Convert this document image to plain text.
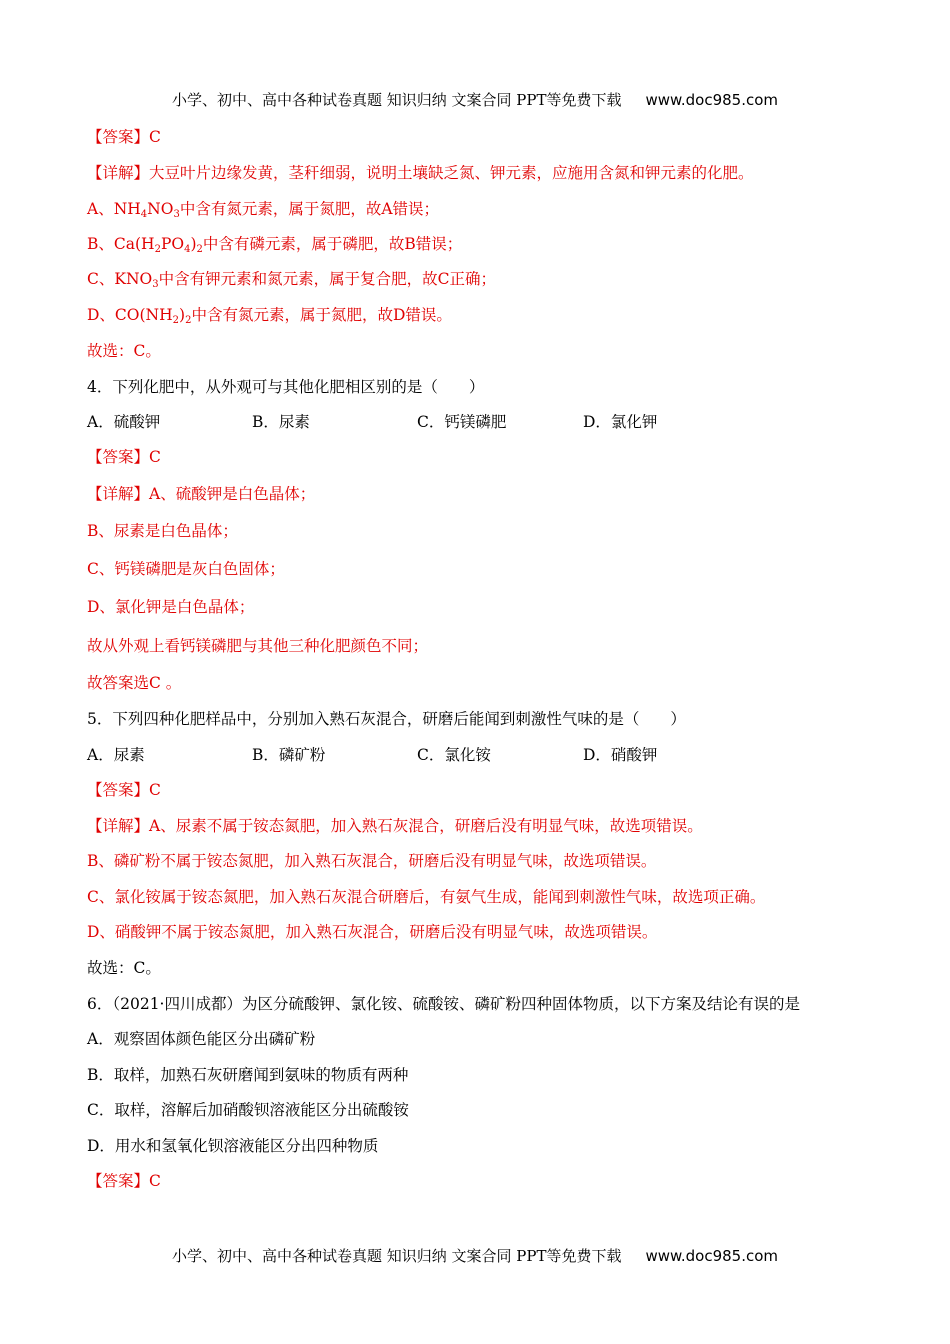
小学、初中、高中各种试卷真题 知识归纳 文案合同 PPT等免费下载 www.doc985.com
【答案】C
【详解】大豆叶片边缘发黄，茎秆细弱，说明土壤缺乏氮、钾元素，应施用含氮和钾元素的化肥。
A、$NH_4NO_3$中含有氮元素，属于氮肥，故A错误；
B、$Ca(H_2PO_4)_2$中含有磷元素，属于磷肥，故B错误；
C、$KNO_3$中含有钾元素和氮元素，属于复合肥，故C正确；
D、$CO(NH_2)_2$中含有氮元素，属于氮肥，故D错误。
故选：C。
4．下列化肥中，从外观可与其他化肥相区别的是（　　）
A．硫酸钾	B．尿素	C．钙镁磷肥	D．氯化钾
【答案】C
【详解】A、硫酸钾是白色晶体；
B、尿素是白色晶体；
C、钙镁磷肥是灰白色固体；
D、氯化钾是白色晶体；
故从外观上看钙镁磷肥与其他三种化肥颜色不同；
故答案选C 。
5．下列四种化肥样品中，分别加入熟石灰混合，研磨后能闻到刺激性气味的是（　　）
A．尿素	B．磷矿粉	C．氯化铵	D．硝酸钾
【答案】C
【详解】A、尿素不属于铵态氮肥，加入熟石灰混合，研磨后没有明显气味，故选项错误。
B、磷矿粉不属于铵态氮肥，加入熟石灰混合，研磨后没有明显气味，故选项错误。
C、氯化铵属于铵态氮肥，加入熟石灰混合研磨后，有氨气生成，能闻到刺激性气味，故选项正确。
D、硝酸钾不属于铵态氮肥，加入熟石灰混合，研磨后没有明显气味，故选项错误。
故选：C。
6．（2021·四川成都）为区分硫酸钾、氯化铵、硫酸铵、磷矿粉四种固体物质，以下方案及结论有误的是
A．观察固体颜色能区分出磷矿粉
B．取样，加熟石灰研磨闻到氨味的物质有两种
C．取样，溶解后加硝酸钡溶液能区分出硫酸铵
D．用水和氢氧化钡溶液能区分出四种物质
【答案】C
小学、初中、高中各种试卷真题 知识归纳 文案合同 PPT等免费下载 www.doc985.com
